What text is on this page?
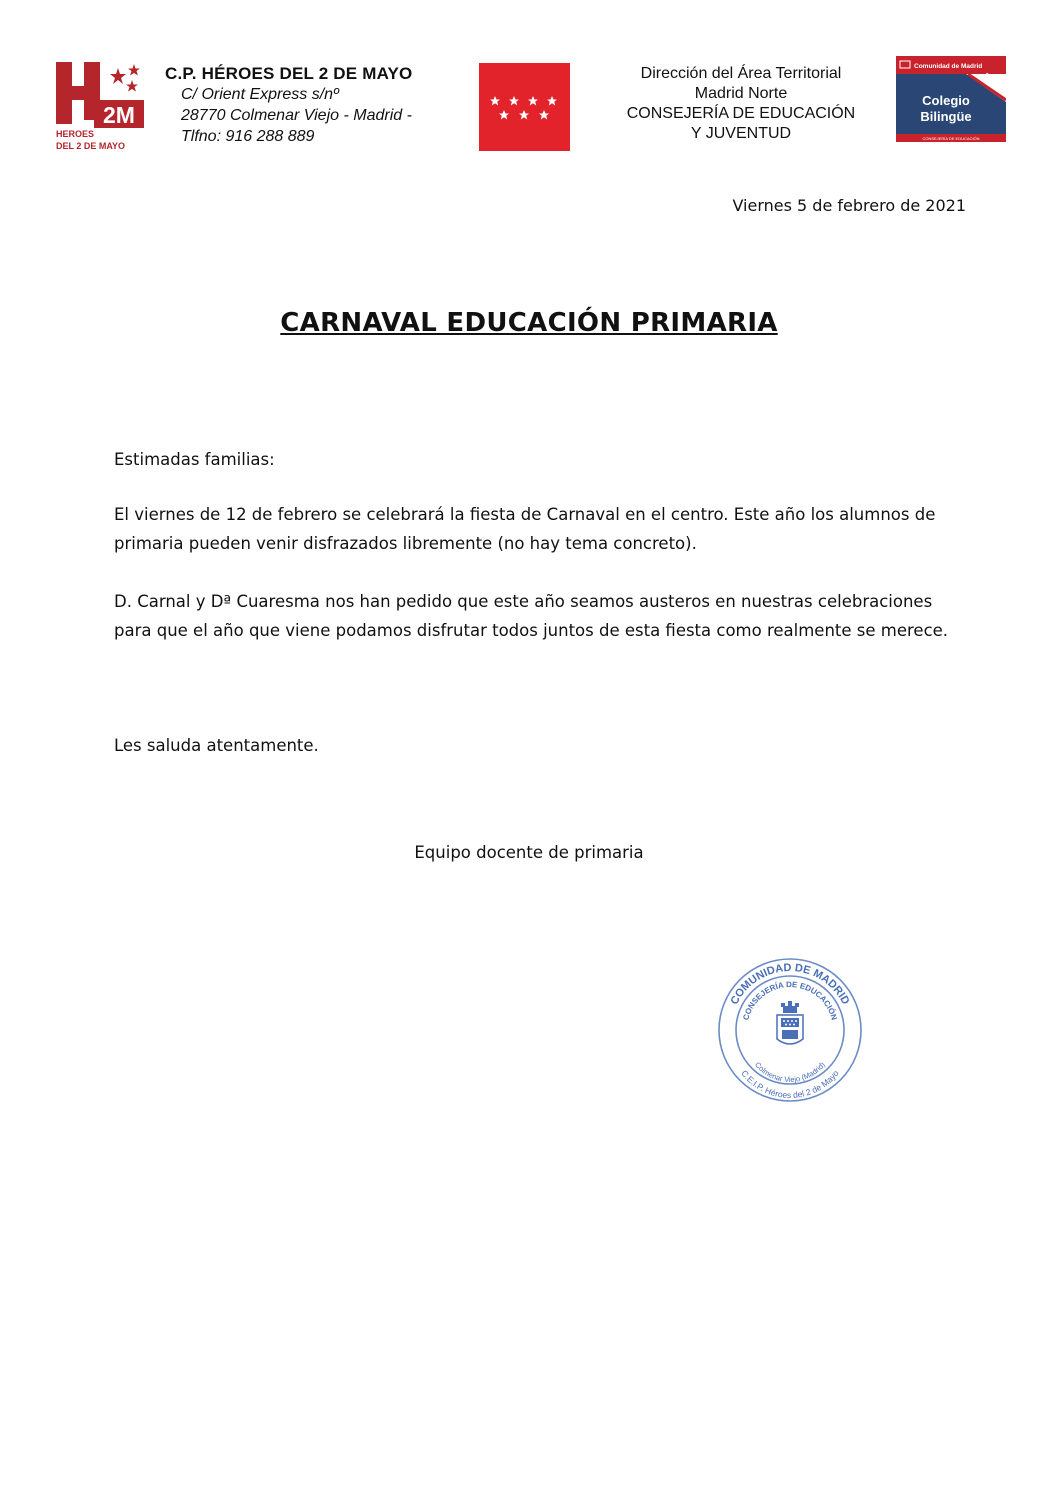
2M
HEROES
DEL 2 DE MAYO
C.P. HÉROES DEL 2 DE MAYO
C/ Orient Express s/nº
28770 Colmenar Viejo - Madrid -
Tlfno: 916 288 889
Dirección del Área Territorial
Madrid Norte
CONSEJERÍA DE EDUCACIÓN
Y JUVENTUD
Comunidad de Madrid
Colegio
Bilingüe
CONSEJERÍA DE EDUCACIÓN
Viernes 5 de febrero de 2021
CARNAVAL EDUCACIÓN PRIMARIA
Estimadas familias:
El viernes de 12 de febrero se celebrará la fiesta de Carnaval en el centro. Este año los alumnos de primaria pueden venir disfrazados libremente (no hay tema concreto).
D. Carnal y Dª Cuaresma nos han pedido que este año seamos austeros en nuestras celebraciones para que el año que viene podamos disfrutar todos juntos de esta fiesta como realmente se merece.
Les saluda atentamente.
Equipo docente de primaria
COMUNIDAD DE MADRID
CONSEJERÍA DE EDUCACIÓN
Colmenar Viejo (Madrid)
C.E.I.P. Héroes del 2 de Mayo
